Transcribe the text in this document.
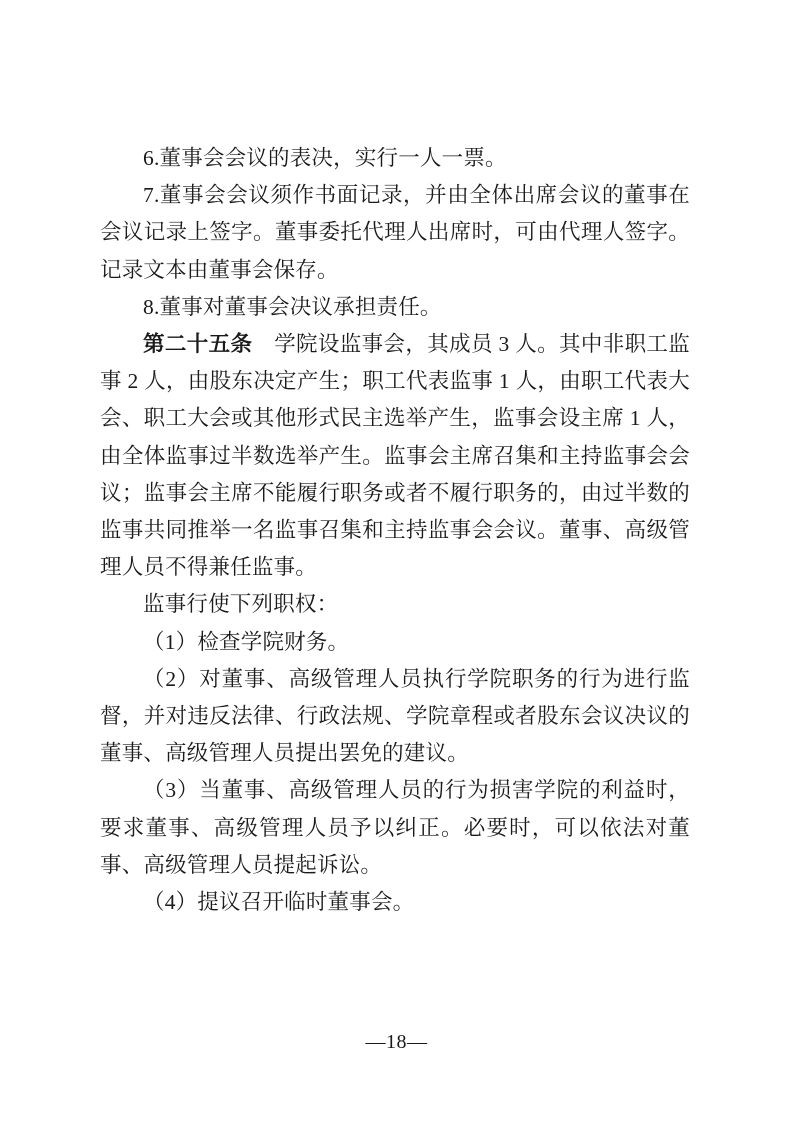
6.董事会会议的表决，实行一人一票。

7.董事会会议须作书面记录，并由全体出席会议的董事在会议记录上签字。董事委托代理人出席时，可由代理人签字。记录文本由董事会保存。

8.董事对董事会决议承担责任。

第二十五条　学院设监事会，其成员 3 人。其中非职工监事 2 人，由股东决定产生；职工代表监事 1 人，由职工代表大会、职工大会或其他形式民主选举产生，监事会设主席 1 人，由全体监事过半数选举产生。监事会主席召集和主持监事会会议；监事会主席不能履行职务或者不履行职务的，由过半数的监事共同推举一名监事召集和主持监事会会议。董事、高级管理人员不得兼任监事。

监事行使下列职权：

（1）检查学院财务。

（2）对董事、高级管理人员执行学院职务的行为进行监督，并对违反法律、行政法规、学院章程或者股东会议决议的董事、高级管理人员提出罢免的建议。

（3）当董事、高级管理人员的行为损害学院的利益时，要求董事、高级管理人员予以纠正。必要时，可以依法对董事、高级管理人员提起诉讼。

（4）提议召开临时董事会。

—18—
